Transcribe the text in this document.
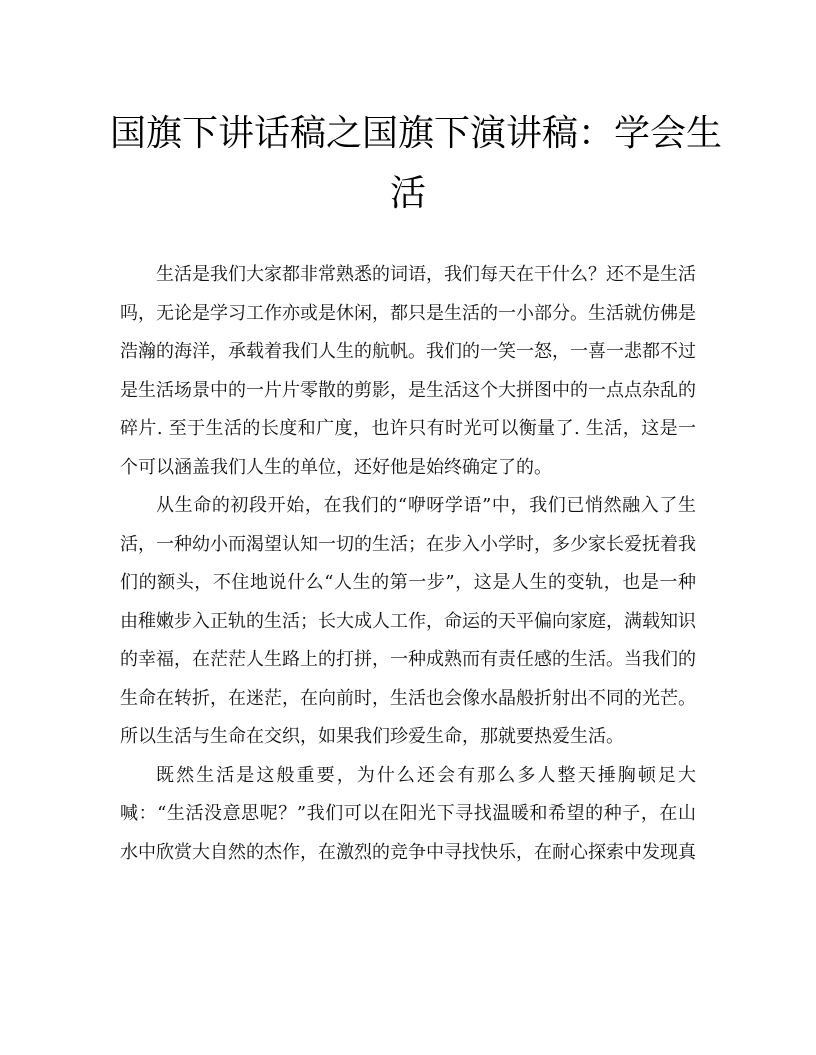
国旗下讲话稿之国旗下演讲稿：学会生
活

生活是我们大家都非常熟悉的词语，我们每天在干什么？还不是生活吗，无论是学习工作亦或是休闲，都只是生活的一小部分。生活就仿佛是浩瀚的海洋，承载着我们人生的航帆。我们的一笑一怒，一喜一悲都不过是生活场景中的一片片零散的剪影，是生活这个大拼图中的一点点杂乱的碎片. 至于生活的长度和广度，也许只有时光可以衡量了. 生活，这是一个可以涵盖我们人生的单位，还好他是始终确定了的。

从生命的初段开始，在我们的“咿呀学语”中，我们已悄然融入了生活，一种幼小而渴望认知一切的生活；在步入小学时，多少家长爱抚着我们的额头，不住地说什么“人生的第一步”，这是人生的变轨，也是一种由稚嫩步入正轨的生活；长大成人工作，命运的天平偏向家庭，满载知识的幸福，在茫茫人生路上的打拼，一种成熟而有责任感的生活。当我们的生命在转折，在迷茫，在向前时，生活也会像水晶般折射出不同的光芒。所以生活与生命在交织，如果我们珍爱生命，那就要热爱生活。

既然生活是这般重要，为什么还会有那么多人整天捶胸顿足大喊：“生活没意思呢？”我们可以在阳光下寻找温暖和希望的种子，在山水中欣赏大自然的杰作，在激烈的竞争中寻找快乐，在耐心探索中发现真
